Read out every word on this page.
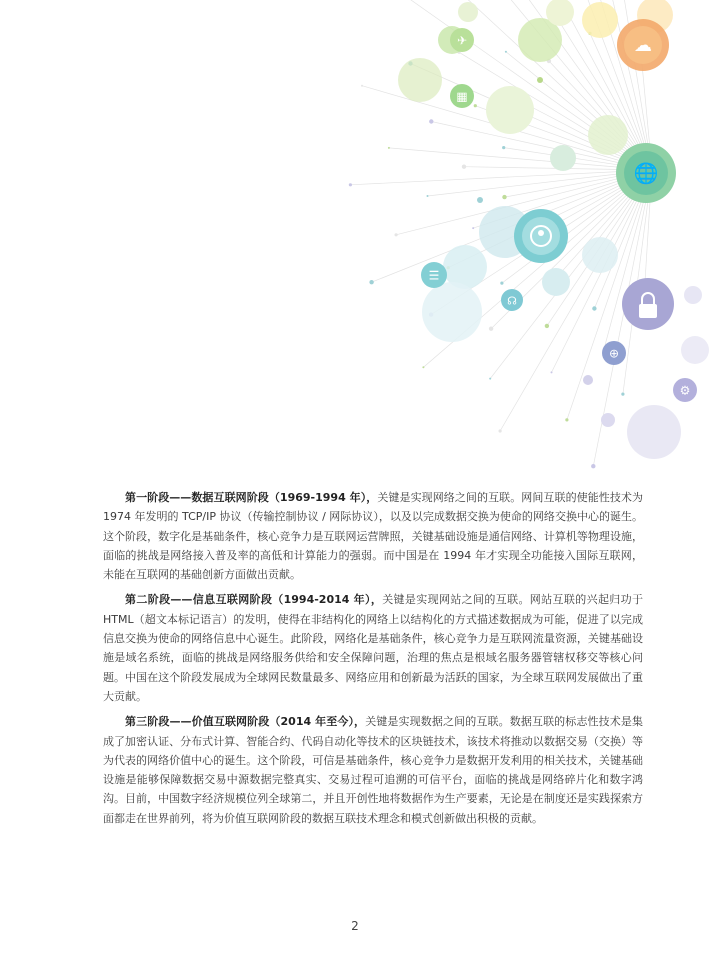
✈
▦
☁
🌐
☰
☊
⊕
⚙

第一阶段——数据互联网阶段（1969-1994 年），关键是实现网络之间的互联。网间互联的使能性技术为 1974 年发明的 TCP/IP 协议（传输控制协议 / 网际协议），以及以完成数据交换为使命的网络交换中心的诞生。这个阶段，数字化是基础条件，核心竞争力是互联网运营牌照，关键基础设施是通信网络、计算机等物理设施，面临的挑战是网络接入普及率的高低和计算能力的强弱。而中国是在 1994 年才实现全功能接入国际互联网，未能在互联网的基础创新方面做出贡献。

第二阶段——信息互联网阶段（1994-2014 年），关键是实现网站之间的互联。网站互联的兴起归功于 HTML（超文本标记语言）的发明，使得在非结构化的网络上以结构化的方式描述数据成为可能，促进了以完成信息交换为使命的网络信息中心诞生。此阶段，网络化是基础条件，核心竞争力是互联网流量资源，关键基础设施是域名系统，面临的挑战是网络服务供给和安全保障问题，治理的焦点是根域名服务器管辖权移交等核心问题。中国在这个阶段发展成为全球网民数量最多、网络应用和创新最为活跃的国家，为全球互联网发展做出了重大贡献。

第三阶段——价值互联网阶段（2014 年至今），关键是实现数据之间的互联。数据互联的标志性技术是集成了加密认证、分布式计算、智能合约、代码自动化等技术的区块链技术，该技术将推动以数据交易（交换）等为代表的网络价值中心的诞生。这个阶段，可信是基础条件，核心竞争力是数据开发利用的相关技术，关键基础设施是能够保障数据交易中源数据完整真实、交易过程可追溯的可信平台，面临的挑战是网络碎片化和数字鸿沟。目前，中国数字经济规模位列全球第二，并且开创性地将数据作为生产要素，无论是在制度还是实践探索方面都走在世界前列，将为价值互联网阶段的数据互联技术理念和模式创新做出积极的贡献。

2
